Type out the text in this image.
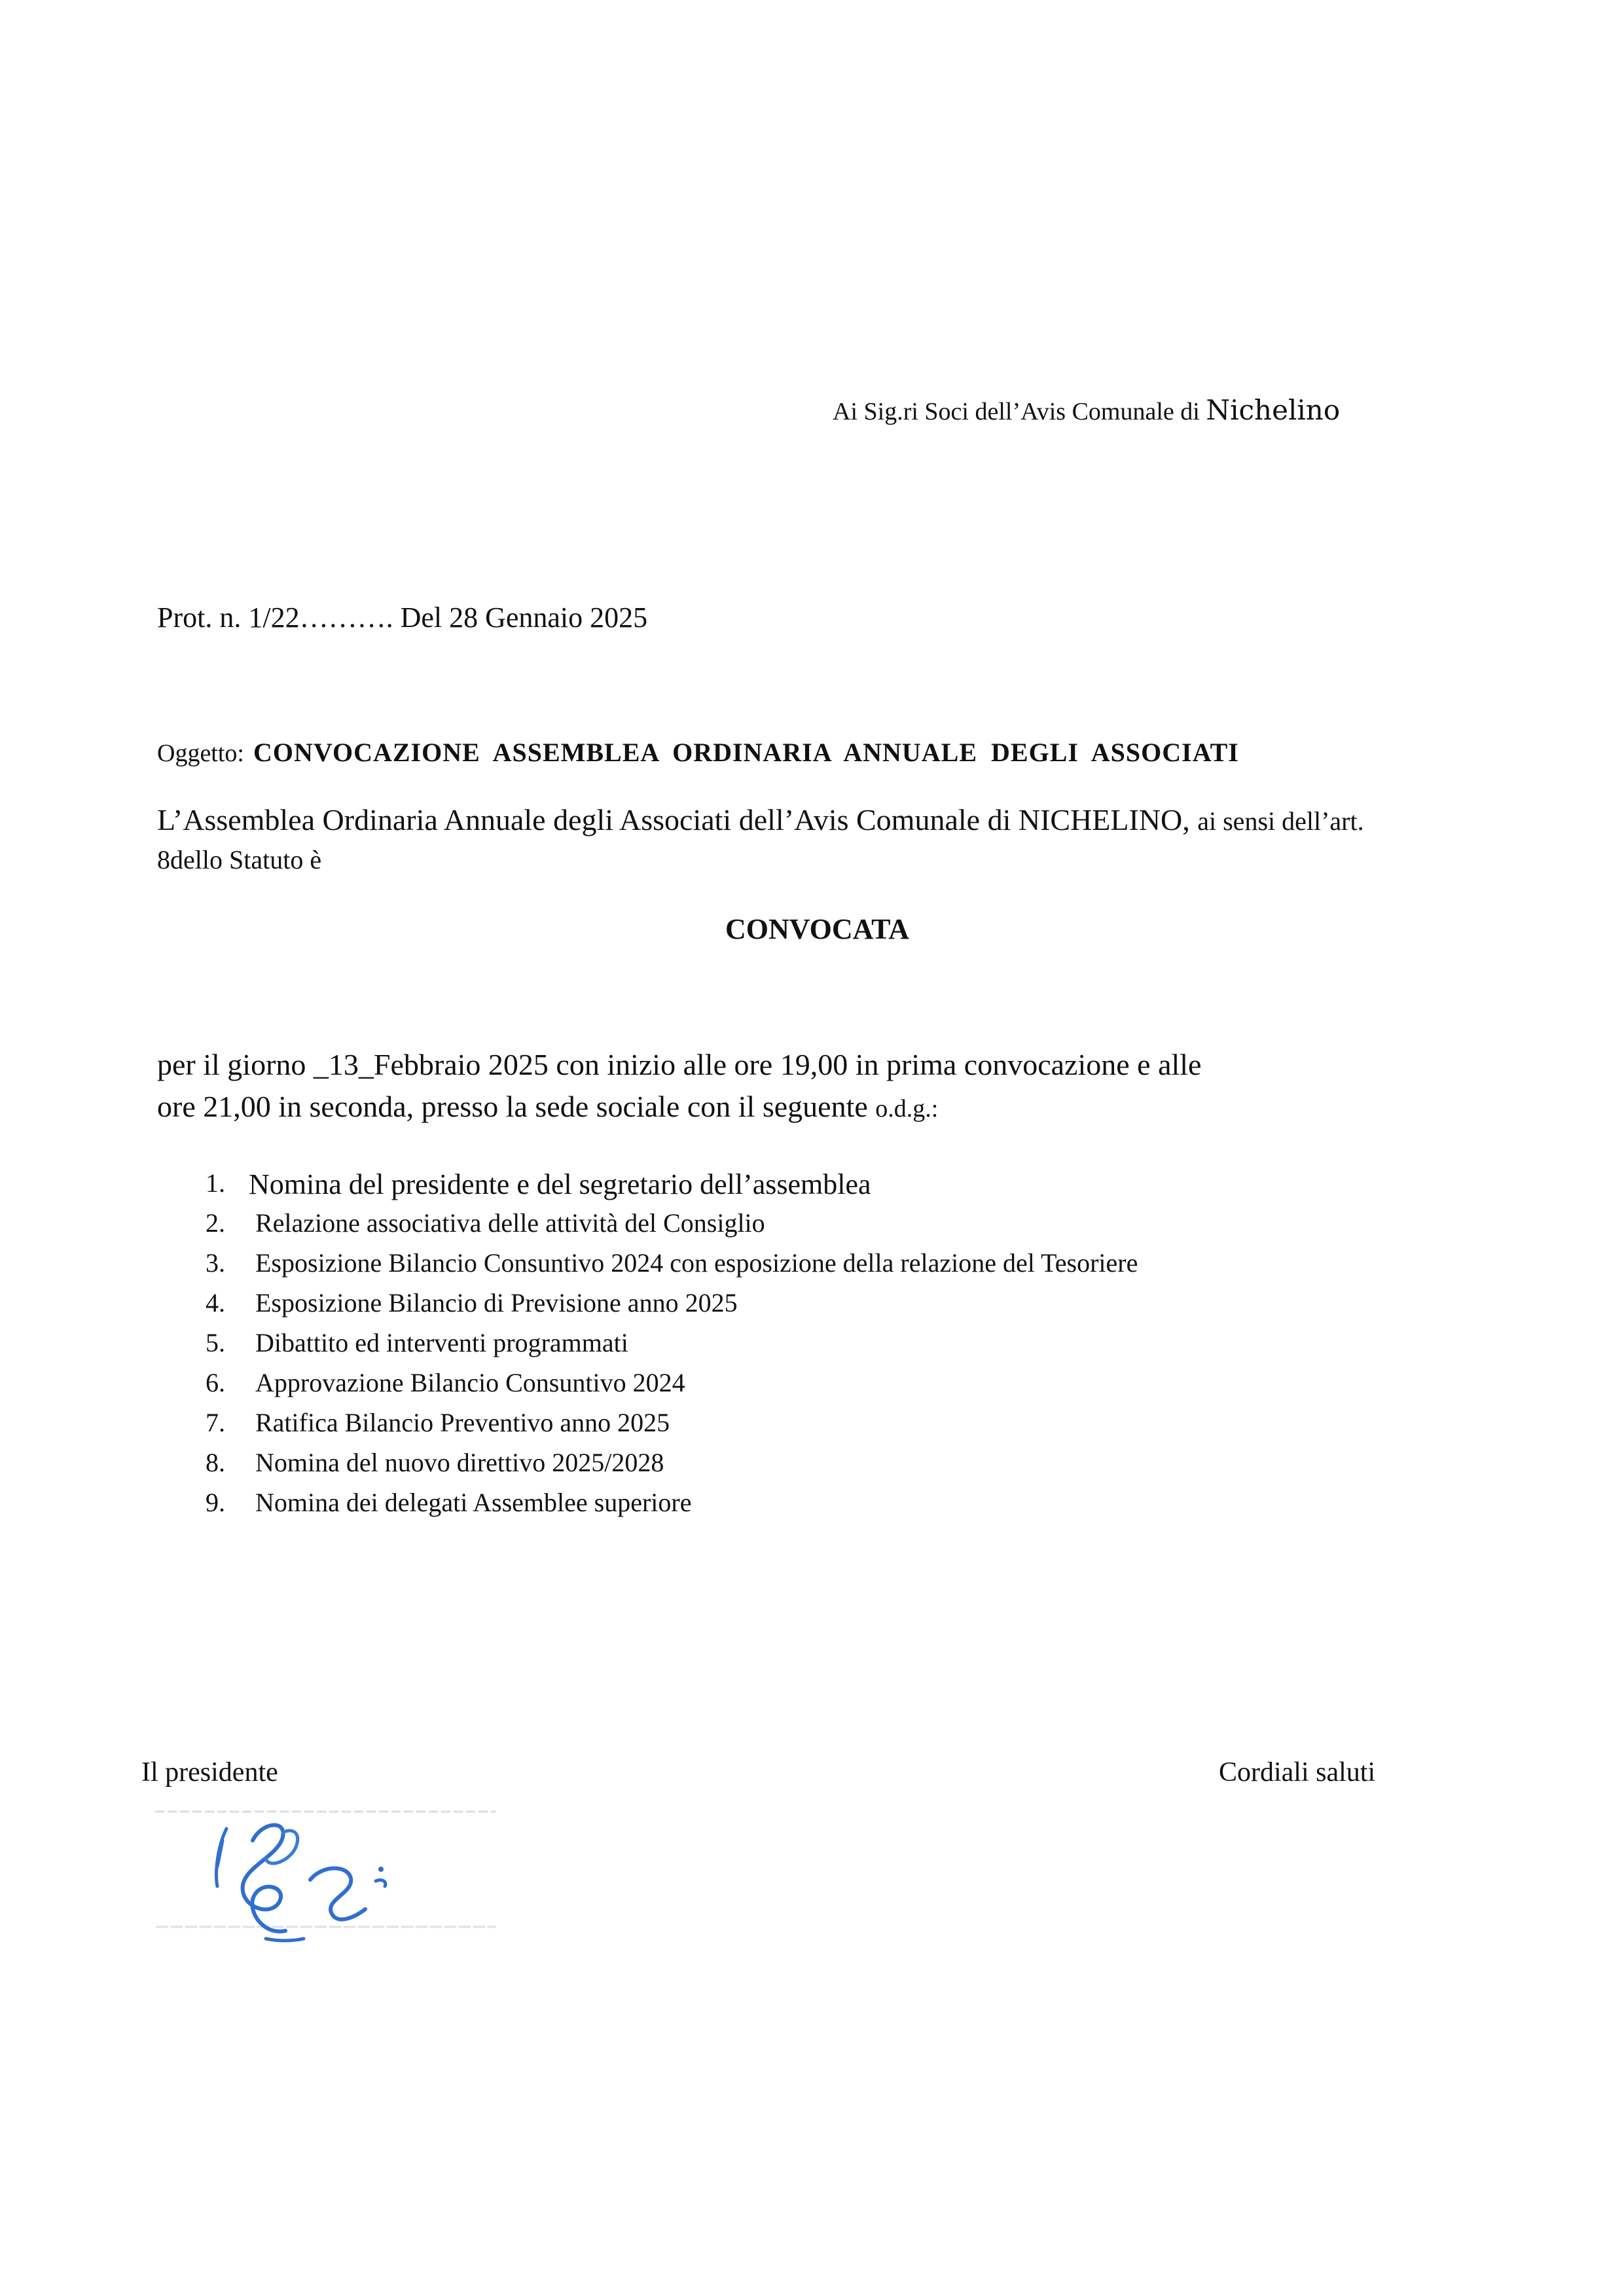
Ai Sig.ri Soci dell’Avis Comunale di Nichelino
Prot. n. 1/22………. Del 28 Gennaio 2025
Oggetto: CONVOCAZIONE ASSEMBLEA ORDINARIA ANNUALE DEGLI ASSOCIATI
L’Assemblea Ordinaria Annuale degli Associati dell’Avis Comunale di NICHELINO, ai sensi dell’art.
8dello Statuto è
CONVOCATA
per il giorno _13_Febbraio 2025 con inizio alle ore 19,00 in prima convocazione e alle
ore 21,00 in seconda, presso la sede sociale con il seguente o.d.g.:
1. Nomina del presidente e del segretario dell’assemblea
2.	Relazione associativa delle attività del Consiglio
3.	Esposizione Bilancio Consuntivo 2024 con esposizione della relazione del Tesoriere
4.	Esposizione Bilancio di Previsione anno 2025
5.	Dibattito ed interventi programmati
6.	Approvazione Bilancio Consuntivo 2024
7.	Ratifica Bilancio Preventivo anno 2025
8.	Nomina del nuovo direttivo 2025/2028
9.	Nomina dei delegati Assemblee superiore
Il presidente	Cordiali saluti
